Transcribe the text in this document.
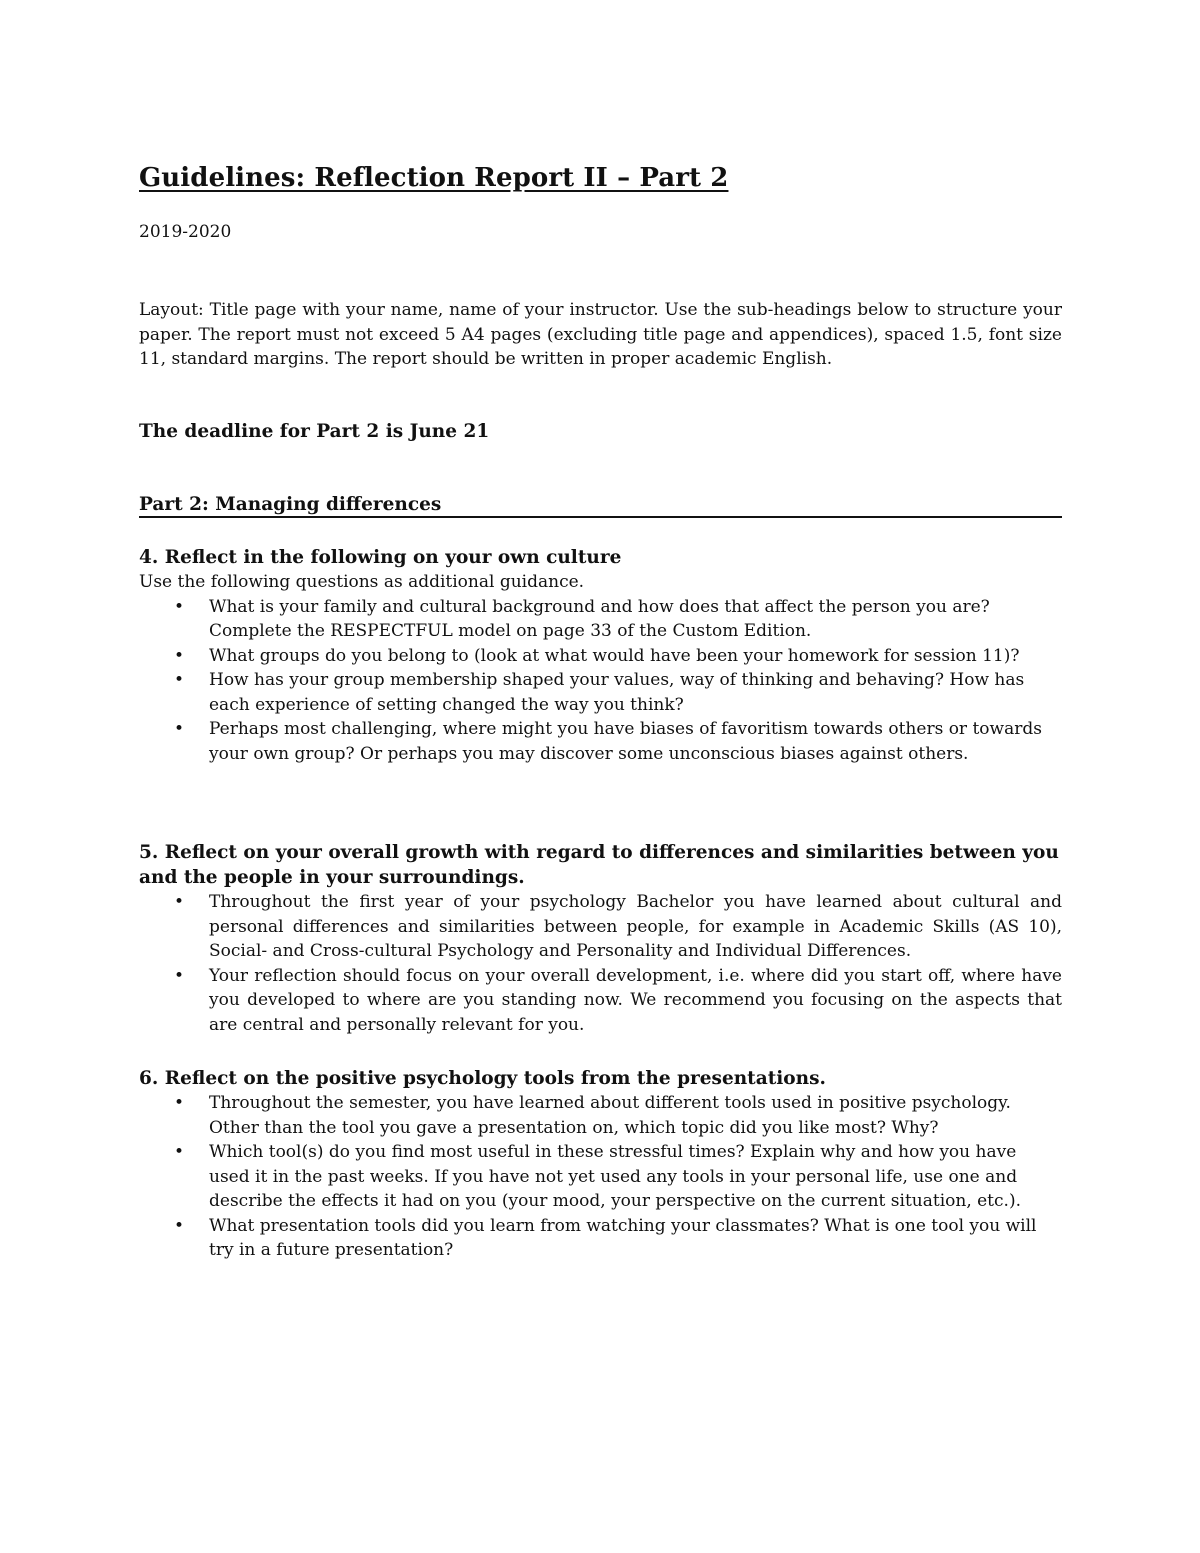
Guidelines: Reflection Report II – Part 2
2019-2020

Layout: Title page with your name, name of your instructor. Use the sub-headings below to structure your paper. The report must not exceed 5 A4 pages (excluding title page and appendices), spaced 1.5, font size 11, standard margins. The report should be written in proper academic English.

The deadline for Part 2 is June 21

Part 2: Managing differences
4. Reflect in the following on your own culture

Use the following questions as additional guidance.

• What is your family and cultural background and how does that affect the person you are? Complete the RESPECTFUL model on page 33 of the Custom Edition.
• What groups do you belong to (look at what would have been your homework for session 11)?
• How has your group membership shaped your values, way of thinking and behaving? How has each experience of setting changed the way you think?
• Perhaps most challenging, where might you have biases of favoritism towards others or towards your own group? Or perhaps you may discover some unconscious biases against others.
5. Reflect on your overall growth with regard to differences and similarities between you and the people in your surroundings.
• Throughout the first year of your psychology Bachelor you have learned about cultural and personal differences and similarities between people, for example in Academic Skills (AS 10), Social- and Cross-cultural Psychology and Personality and Individual Differences.
• Your reflection should focus on your overall development, i.e. where did you start off, where have you developed to where are you standing now. We recommend you focusing on the aspects that are central and personally relevant for you.
6. Reflect on the positive psychology tools from the presentations.
• Throughout the semester, you have learned about different tools used in positive psychology. Other than the tool you gave a presentation on, which topic did you like most? Why?
• Which tool(s) do you find most useful in these stressful times? Explain why and how you have used it in the past weeks. If you have not yet used any tools in your personal life, use one and describe the effects it had on you (your mood, your perspective on the current situation, etc.).
• What presentation tools did you learn from watching your classmates? What is one tool you will try in a future presentation?
